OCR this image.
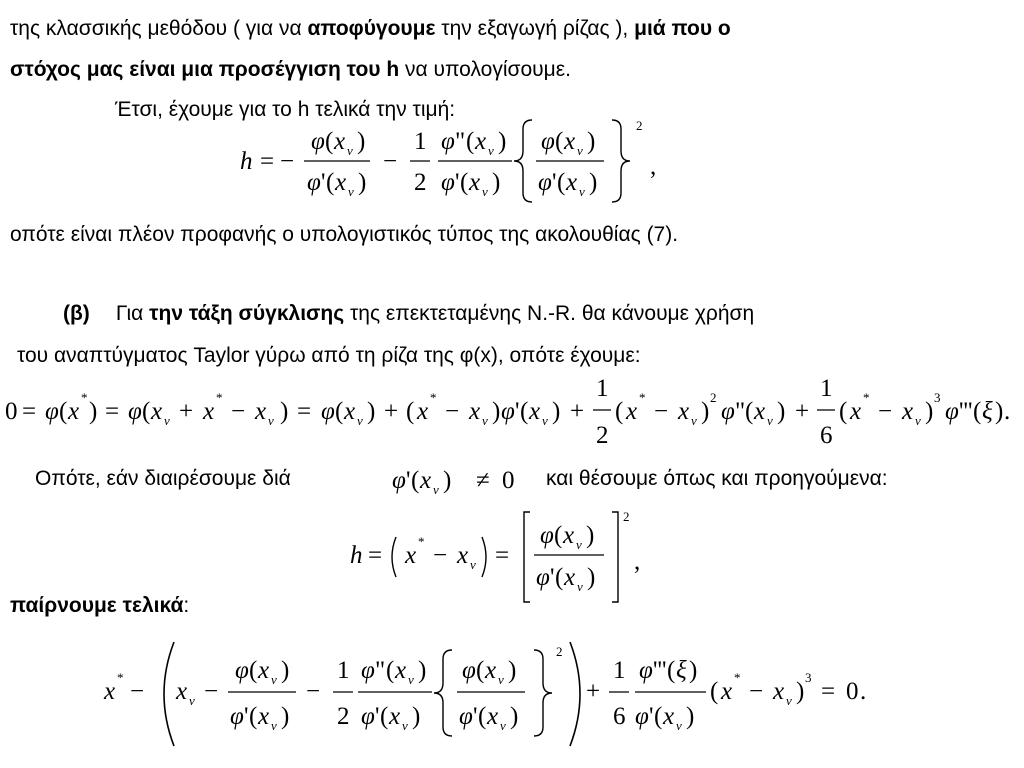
της κλασσικής μεθόδου ( για να αποφύγουμε την εξαγωγή ρίζας ), μιά που ο
στόχος μας είναι μια προσέγγιση του h να υπολογίσουμε.
Έτσι, έχουμε για το h τελικά την τιμή:
h = −
φ ( x ν )
φ ' ( x ν )
−
1
2
φ " ( x ν )
φ ' ( x ν )
φ ( x ν )
φ ' ( x ν )
2
,
οπότε είναι πλέον προφανής ο υπολογιστικός τύπος της ακολουθίας (7).
(β) Για την τάξη σύγκλισης της επεκτεταμένης Ν.-R. θα κάνουμε χρήση
του αναπτύγματος Taylor γύρω από τη ρίζα της φ(x), οπότε έχουμε:
0 = φ ( x
*
) = φ ( x ν + x
*
− x ν ) = φ ( x ν ) + ( x
*
− x ν ) φ ' ( x ν ) +
1
2
( x
*
− x ν )
2
φ " ( x ν ) +
1
6
( x
*
− x ν )
3
φ ''' ( ξ ) .
Οπότε, εάν διαιρέσουμε διά	φ ' ( x ν ) ≠ 0 και θέσουμε όπως και προηγούμενα:
h = x
*
− x ν =
φ ( x ν )
φ ' ( x ν )
2
,
παίρνουμε τελικά:
x
*
− x ν −
φ ( x ν )
φ ' ( x ν )
−
1
2
φ " ( x ν )
φ ' ( x ν )
φ ( x ν )
φ ' ( x ν )
2
+
1
6
φ ''' ( ξ )
φ ' ( x ν )
( x
*
− x ν )
3
= 0 .
